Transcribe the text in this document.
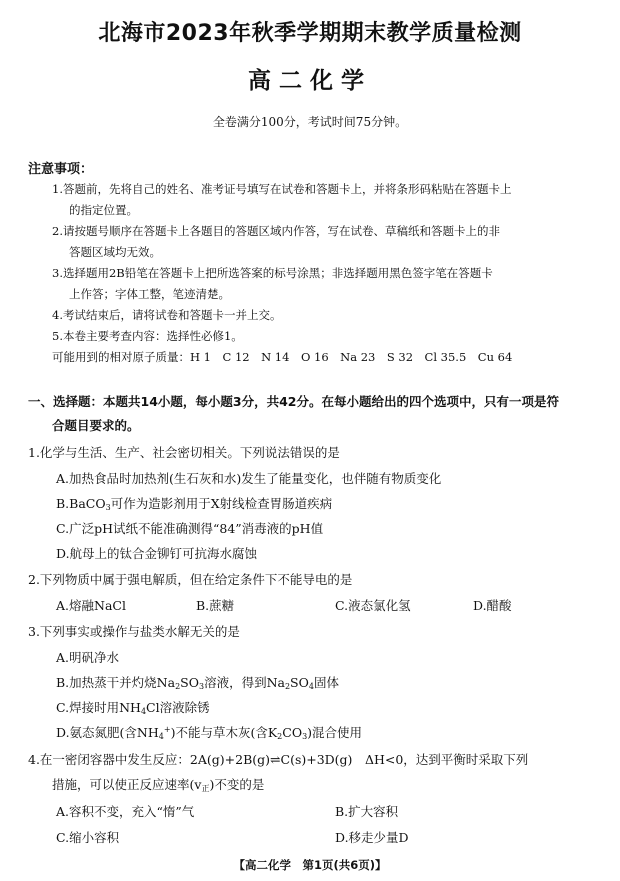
北海市2023年秋季学期期末教学质量检测
高二化学
全卷满分100分，考试时间75分钟。
注意事项：
1.答题前，先将自己的姓名、准考证号填写在试卷和答题卡上，并将条形码粘贴在答题卡上
的指定位置。
2.请按题号顺序在答题卡上各题目的答题区域内作答，写在试卷、草稿纸和答题卡上的非
答题区域均无效。
3.选择题用2B铅笔在答题卡上把所选答案的标号涂黑；非选择题用黑色签字笔在答题卡
上作答；字体工整，笔迹清楚。
4.考试结束后，请将试卷和答题卡一并上交。
5.本卷主要考查内容：选择性必修1。
可能用到的相对原子质量：H 1　C 12　N 14　O 16　Na 23　S 32　Cl 35.5　Cu 64
一、选择题：本题共14小题，每小题3分，共42分。在每小题给出的四个选项中，只有一项是符
合题目要求的。
1.化学与生活、生产、社会密切相关。下列说法错误的是
A.加热食品时加热剂(生石灰和水)发生了能量变化，也伴随有物质变化
B.BaCO$_3$可作为造影剂用于X射线检查胃肠道疾病
C.广泛pH试纸不能准确测得“84”消毒液的pH值
D.航母上的钛合金铆钉可抗海水腐蚀
2.下列物质中属于强电解质，但在给定条件下不能导电的是
A.熔融NaCl	B.蔗糖	C.液态氯化氢	D.醋酸
3.下列事实或操作与盐类水解无关的是
A.明矾净水
B.加热蒸干并灼烧$Na_2SO_3$溶液，得到$Na_2SO_4$固体
C.焊接时用$NH_4Cl$溶液除锈
D.氨态氮肥(含$NH_4^+$)不能与草木灰(含$K_2CO_3$)混合使用
4.在一密闭容器中发生反应：2A(g)+2B(g)⇌C(s)+3D(g)　ΔH<0，达到平衡时采取下列
措施，可以使正反应速率$(v_正)$不变的是
A.容积不变，充入“惰”气	B.扩大容积
C.缩小容积	D.移走少量D
【高二化学　第1页(共6页)】
